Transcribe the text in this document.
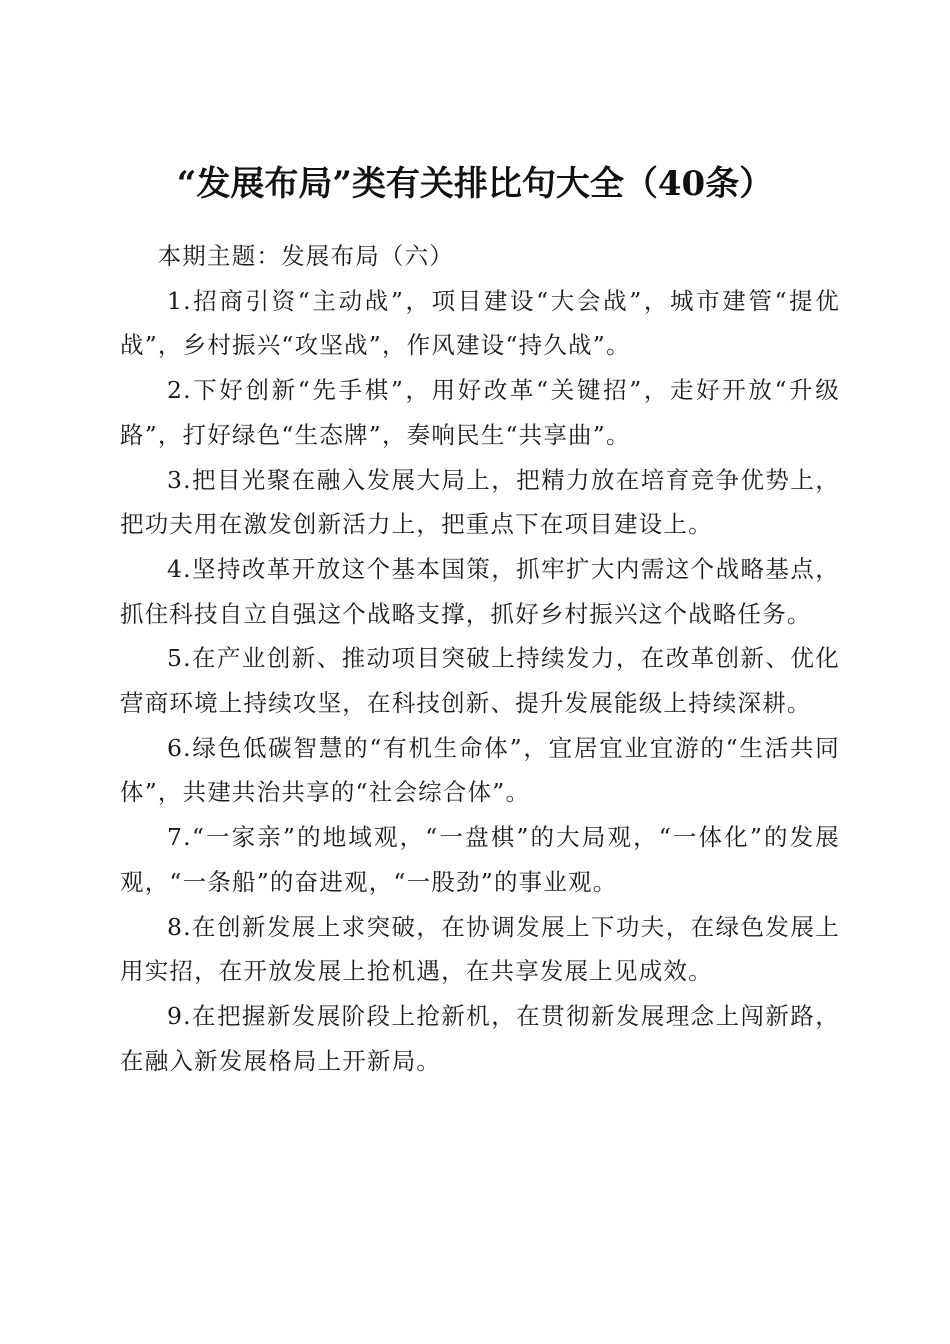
“发展布局”类有关排比句大全（40条）

本期主题：发展布局（六）

1.招商引资“主动战”，项目建设“大会战”，城市建管“提优战”，乡村振兴“攻坚战”，作风建设“持久战”。

2.下好创新“先手棋”，用好改革“关键招”，走好开放“升级路”，打好绿色“生态牌”，奏响民生“共享曲”。

3.把目光聚在融入发展大局上，把精力放在培育竞争优势上，把功夫用在激发创新活力上，把重点下在项目建设上。

4.坚持改革开放这个基本国策，抓牢扩大内需这个战略基点，抓住科技自立自强这个战略支撑，抓好乡村振兴这个战略任务。

5.在产业创新、推动项目突破上持续发力，在改革创新、优化营商环境上持续攻坚，在科技创新、提升发展能级上持续深耕。

6.绿色低碳智慧的“有机生命体”，宜居宜业宜游的“生活共同体”，共建共治共享的“社会综合体”。

7.“一家亲”的地域观，“一盘棋”的大局观，“一体化”的发展观，“一条船”的奋进观，“一股劲”的事业观。

8.在创新发展上求突破，在协调发展上下功夫，在绿色发展上用实招，在开放发展上抢机遇，在共享发展上见成效。

9.在把握新发展阶段上抢新机，在贯彻新发展理念上闯新路，在融入新发展格局上开新局。
